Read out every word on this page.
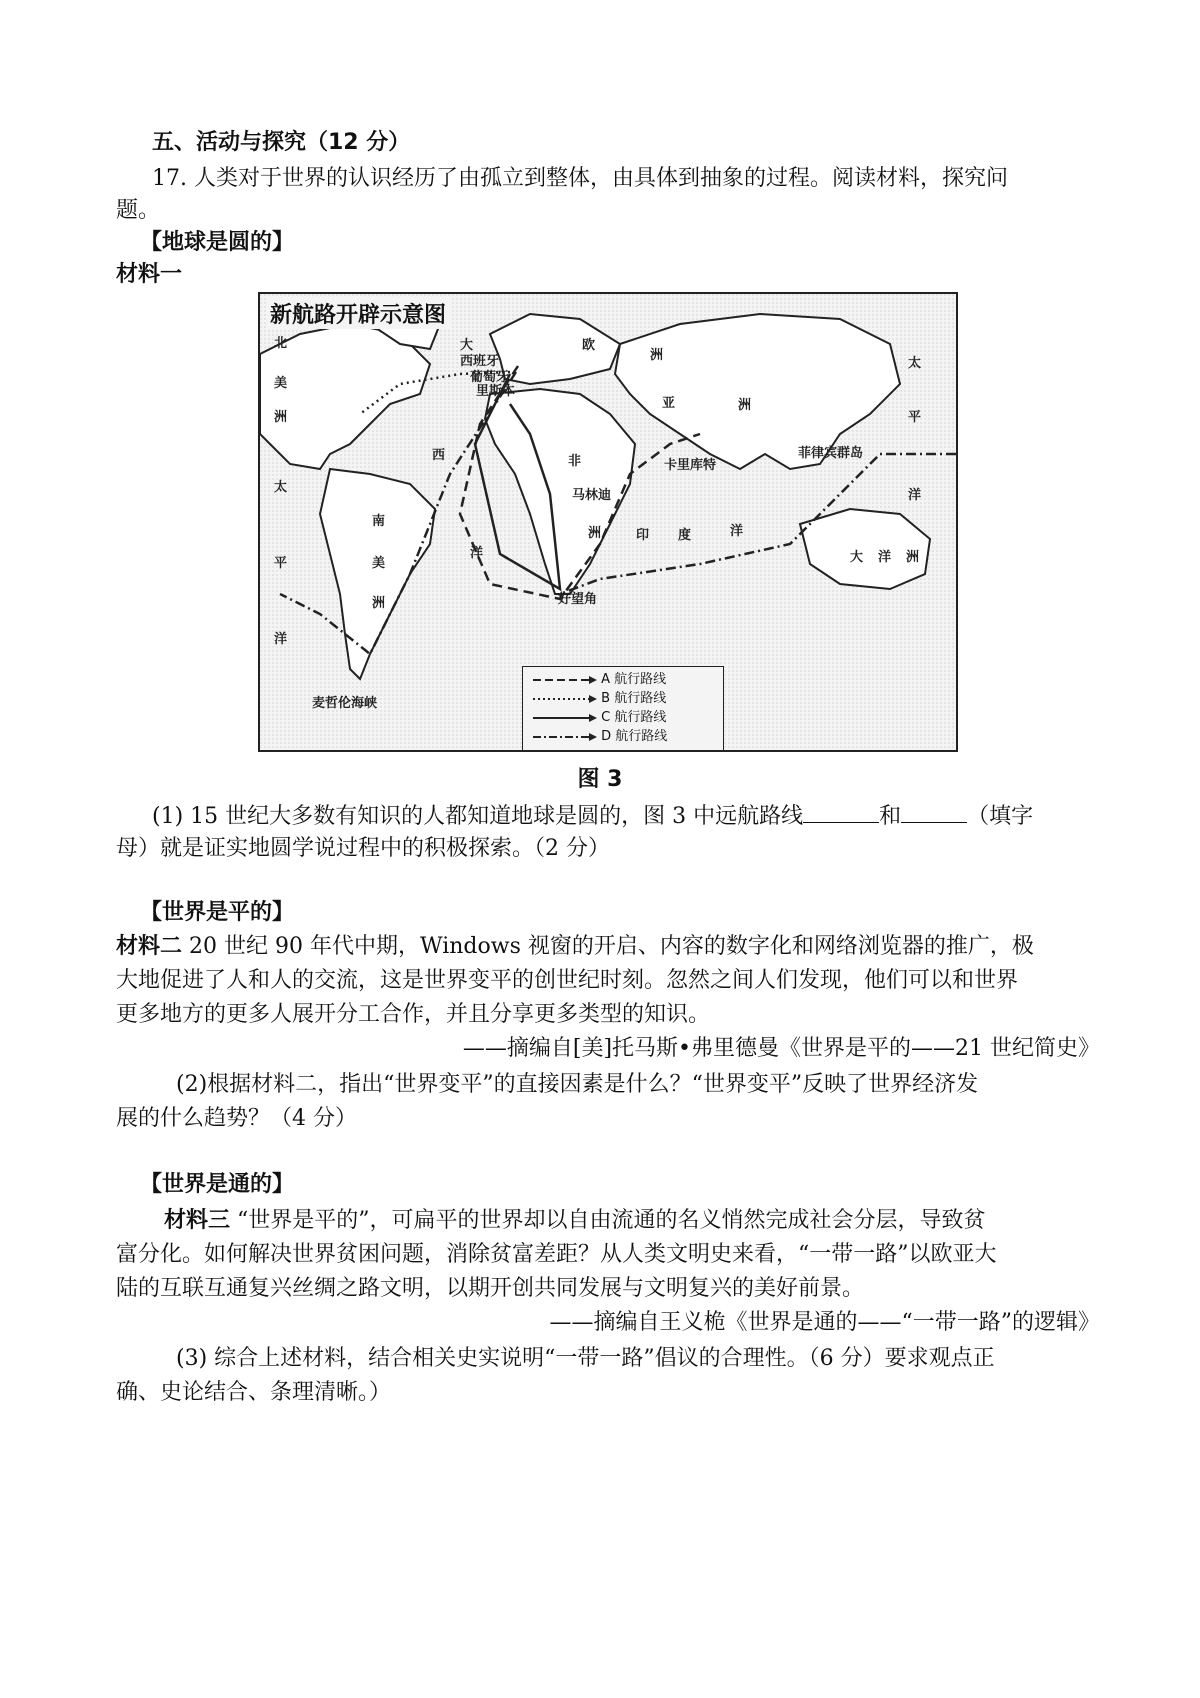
五、活动与探究（12 分）
17. 人类对于世界的认识经历了由孤立到整体，由具体到抽象的过程。阅读材料，探究问
题。
【地球是圆的】
材料一
新航路开辟示意图
北
美
洲
太
平
洋
南
美
洲
大
西
洋
西班牙
葡萄牙
里斯本
欧
洲
亚	洲
非
洲	印 度	洋
卡里库特
马林迪
好望角
菲律宾群岛
麦哲伦海峡
太
平
洋
大 洋 洲
A 航行路线
B 航行路线
C 航行路线
D 航行路线
图 3
(1) 15 世纪大多数有知识的人都知道地球是圆的，图 3 中远航路线	和	（填字
母）就是证实地圆学说过程中的积极探索。（2 分）
【世界是平的】
材料二 20 世纪 90 年代中期，Windows 视窗的开启、内容的数字化和网络浏览器的推广，极
大地促进了人和人的交流，这是世界变平的创世纪时刻。忽然之间人们发现，他们可以和世界
更多地方的更多人展开分工合作，并且分享更多类型的知识。
——摘编自[美]托马斯•弗里德曼《世界是平的——21 世纪简史》
(2)根据材料二，指出“世界变平”的直接因素是什么？“世界变平”反映了世界经济发
展的什么趋势？（4 分）
【世界是通的】
材料三 “世界是平的”，可扁平的世界却以自由流通的名义悄然完成社会分层，导致贫
富分化。如何解决世界贫困问题，消除贫富差距？从人类文明史来看，“一带一路”以欧亚大
陆的互联互通复兴丝绸之路文明，以期开创共同发展与文明复兴的美好前景。
——摘编自王义桅《世界是通的——“一带一路”的逻辑》
(3) 综合上述材料，结合相关史实说明“一带一路”倡议的合理性。（6 分）要求观点正
确、史论结合、条理清晰。）
